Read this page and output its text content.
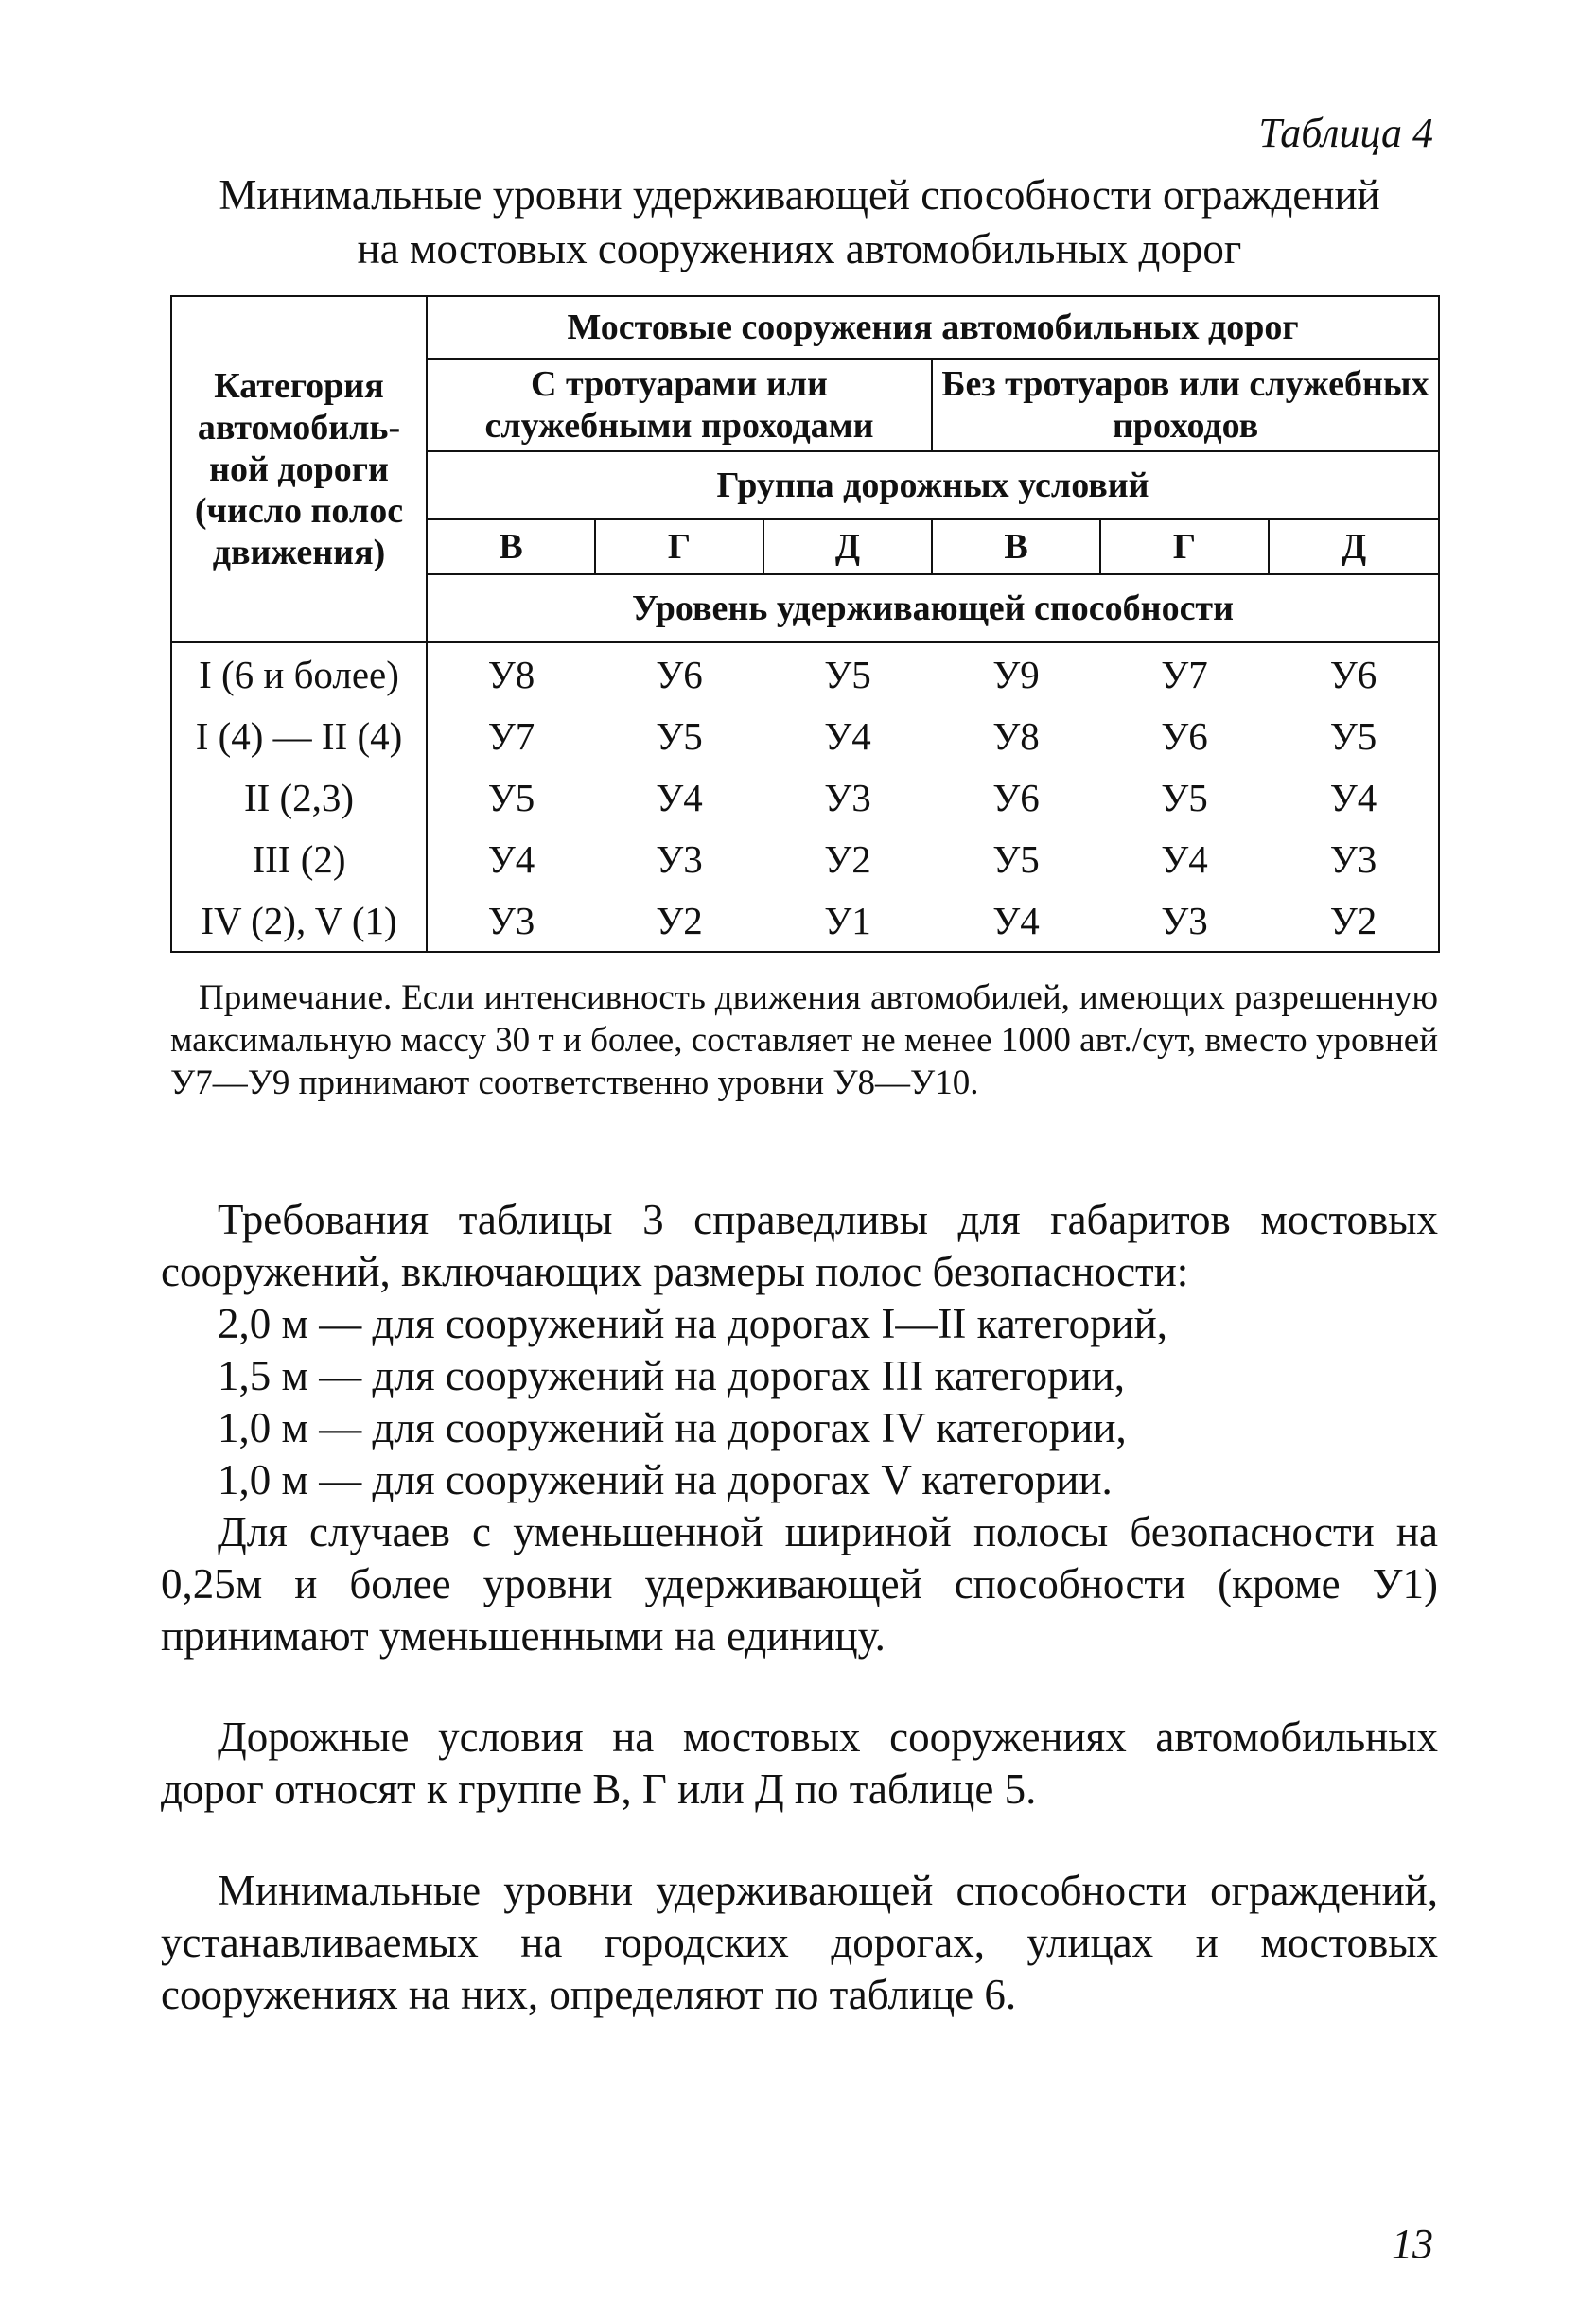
Таблица 4
Минимальные уровни удерживающей способности ограждений
на мостовых сооружениях автомобильных дорог
Категория автомобиль-ной дороги (число полос движения)	Мостовые сооружения автомобильных дорог					
	С тротуарами или служебными проходами			Без тротуаров или служебных проходов		
	Группа дорожных условий					
	В	Г	Д	В	Г	Д
	Уровень удерживающей способности					
I (6 и более)	У8	У6	У5	У9	У7	У6
I (4) — II (4)	У7	У5	У4	У8	У6	У5
II (2,3)	У5	У4	У3	У6	У5	У4
III (2)	У4	У3	У2	У5	У4	У3
IV (2), V (1)	У3	У2	У1	У4	У3	У2

Примечание. Если интенсивность движения автомобилей, имеющих разрешенную максимальную массу 30 т и более, составляет не менее 1000 авт./сут, вместо уровней У7—У9 принимают соответственно уровни У8—У10.

Требования таблицы 3 справедливы для габаритов мостовых сооружений, включающих размеры полос безопасности:

2,0 м — для сооружений на дорогах I—II категорий,

1,5 м — для сооружений на дорогах III категории,

1,0 м — для сооружений на дорогах IV категории,

1,0 м — для сооружений на дорогах V категории.

Для случаев с уменьшенной шириной полосы безопасности на 0,25м и более уровни удерживающей способности (кроме У1) принимают уменьшенными на единицу.

Дорожные условия на мостовых сооружениях автомобильных дорог относят к группе В, Г или Д по таблице 5.

Минимальные уровни удерживающей способности ограждений, устанавливаемых на городских дорогах, улицах и мостовых сооружениях на них, определяют по таблице 6.

13
